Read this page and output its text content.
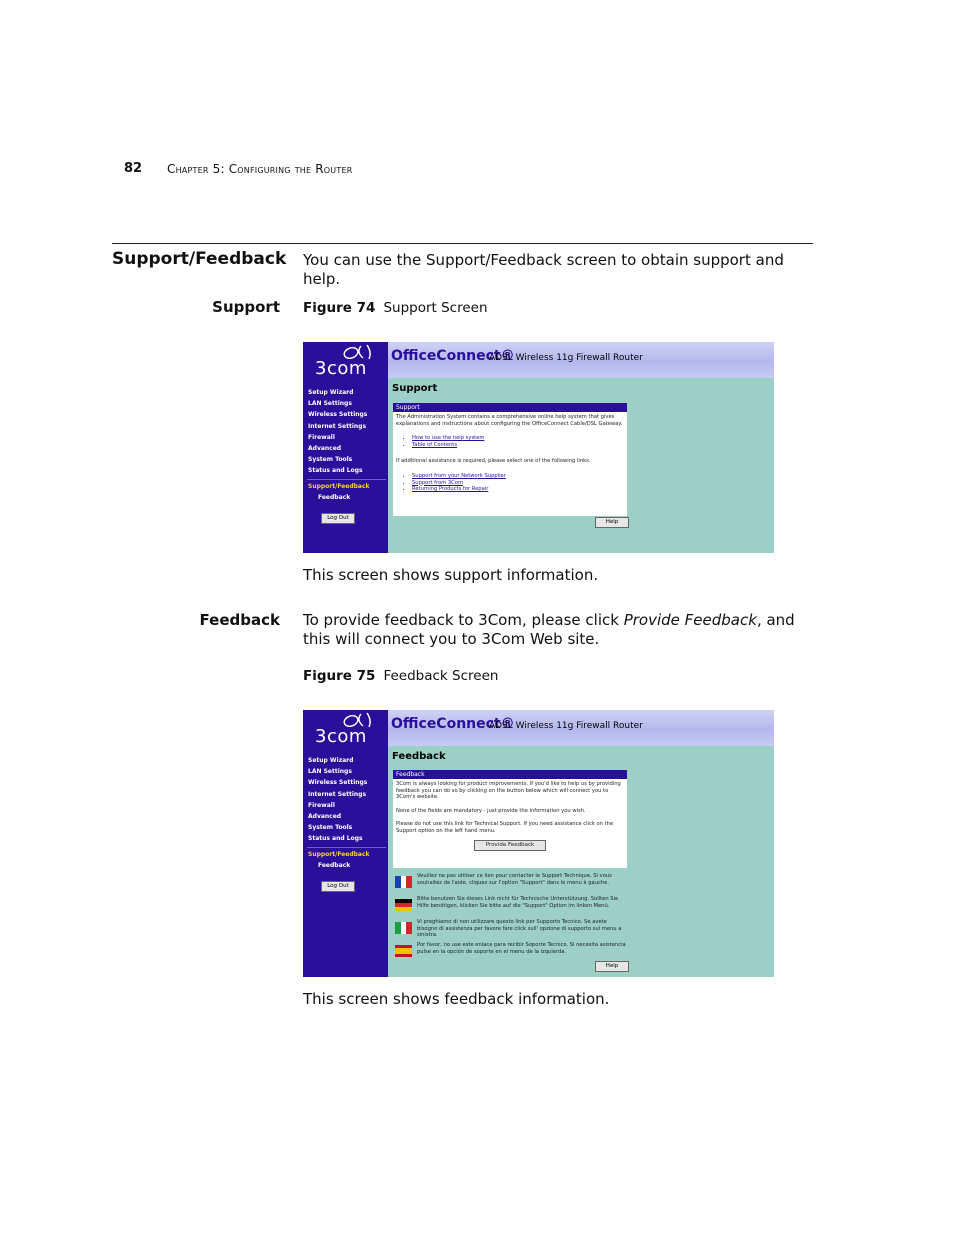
82 Chapter 5: Configuring the Router
Support/Feedback You can use the Support/Feedback screen to obtain support and help.
Support Figure 74 Support Screen
3com
Setup Wizard
LAN Settings
Wireless Settings
Internet Settings
Firewall
Advanced
System Tools
Status and Logs
Support/Feedback
Feedback
Log Out
OfficeConnect®
ADSL Wireless 11g Firewall Router
Support
Support
The Administration System contains a comprehensive online help system that gives explanations and instructions about configuring the OfficeConnect Cable/DSL Gateway.
• How to use the help system
• Table of Contents
If additional assistance is required, please select one of the following links.
• Support from your Network Supplier
• Support from 3Com
• Returning Products for Repair
Help
This screen shows support information.
Feedback To provide feedback to 3Com, please click Provide Feedback, and this will connect you to 3Com Web site.
Figure 75 Feedback Screen
3com
Setup Wizard
LAN Settings
Wireless Settings
Internet Settings
Firewall
Advanced
System Tools
Status and Logs
Support/Feedback
Feedback
Log Out
OfficeConnect®
ADSL Wireless 11g Firewall Router
Feedback
Feedback
3Com is always looking for product improvements. If you'd like to help us by providing feedback you can do so by clicking on the button below which will connect you to 3Com's website.
None of the fields are mandatory - just provide the information you wish.
Please do not use this link for Technical Support. If you need assistance click on the Support option on the left hand menu.
Provide Feedback
Veuillez ne pas utiliser ce lien pour contacter le Support Technique. Si vous souhaitez de l'aide, cliquez sur l'option "Support" dans le menu à gauche.
Bitte benutzen Sie dieses Link nicht für Technische Unterstützung. Sollten Sie Hilfe benötigen, klicken Sie bitte auf die "Support" Option im linken Menü.
Vi preghiamo di non utilizzare questo link per Supporto Tecnico. Se avete bisogno di assistenza per favore fare click sull' opzione di supporto sul menu a sinistra.
Por favor, no use este enlace para recibir Soporte Tecnico. Si necesita asistencia pulse en la opción de soporte en el menu de la izquierda.
Help
This screen shows feedback information.
